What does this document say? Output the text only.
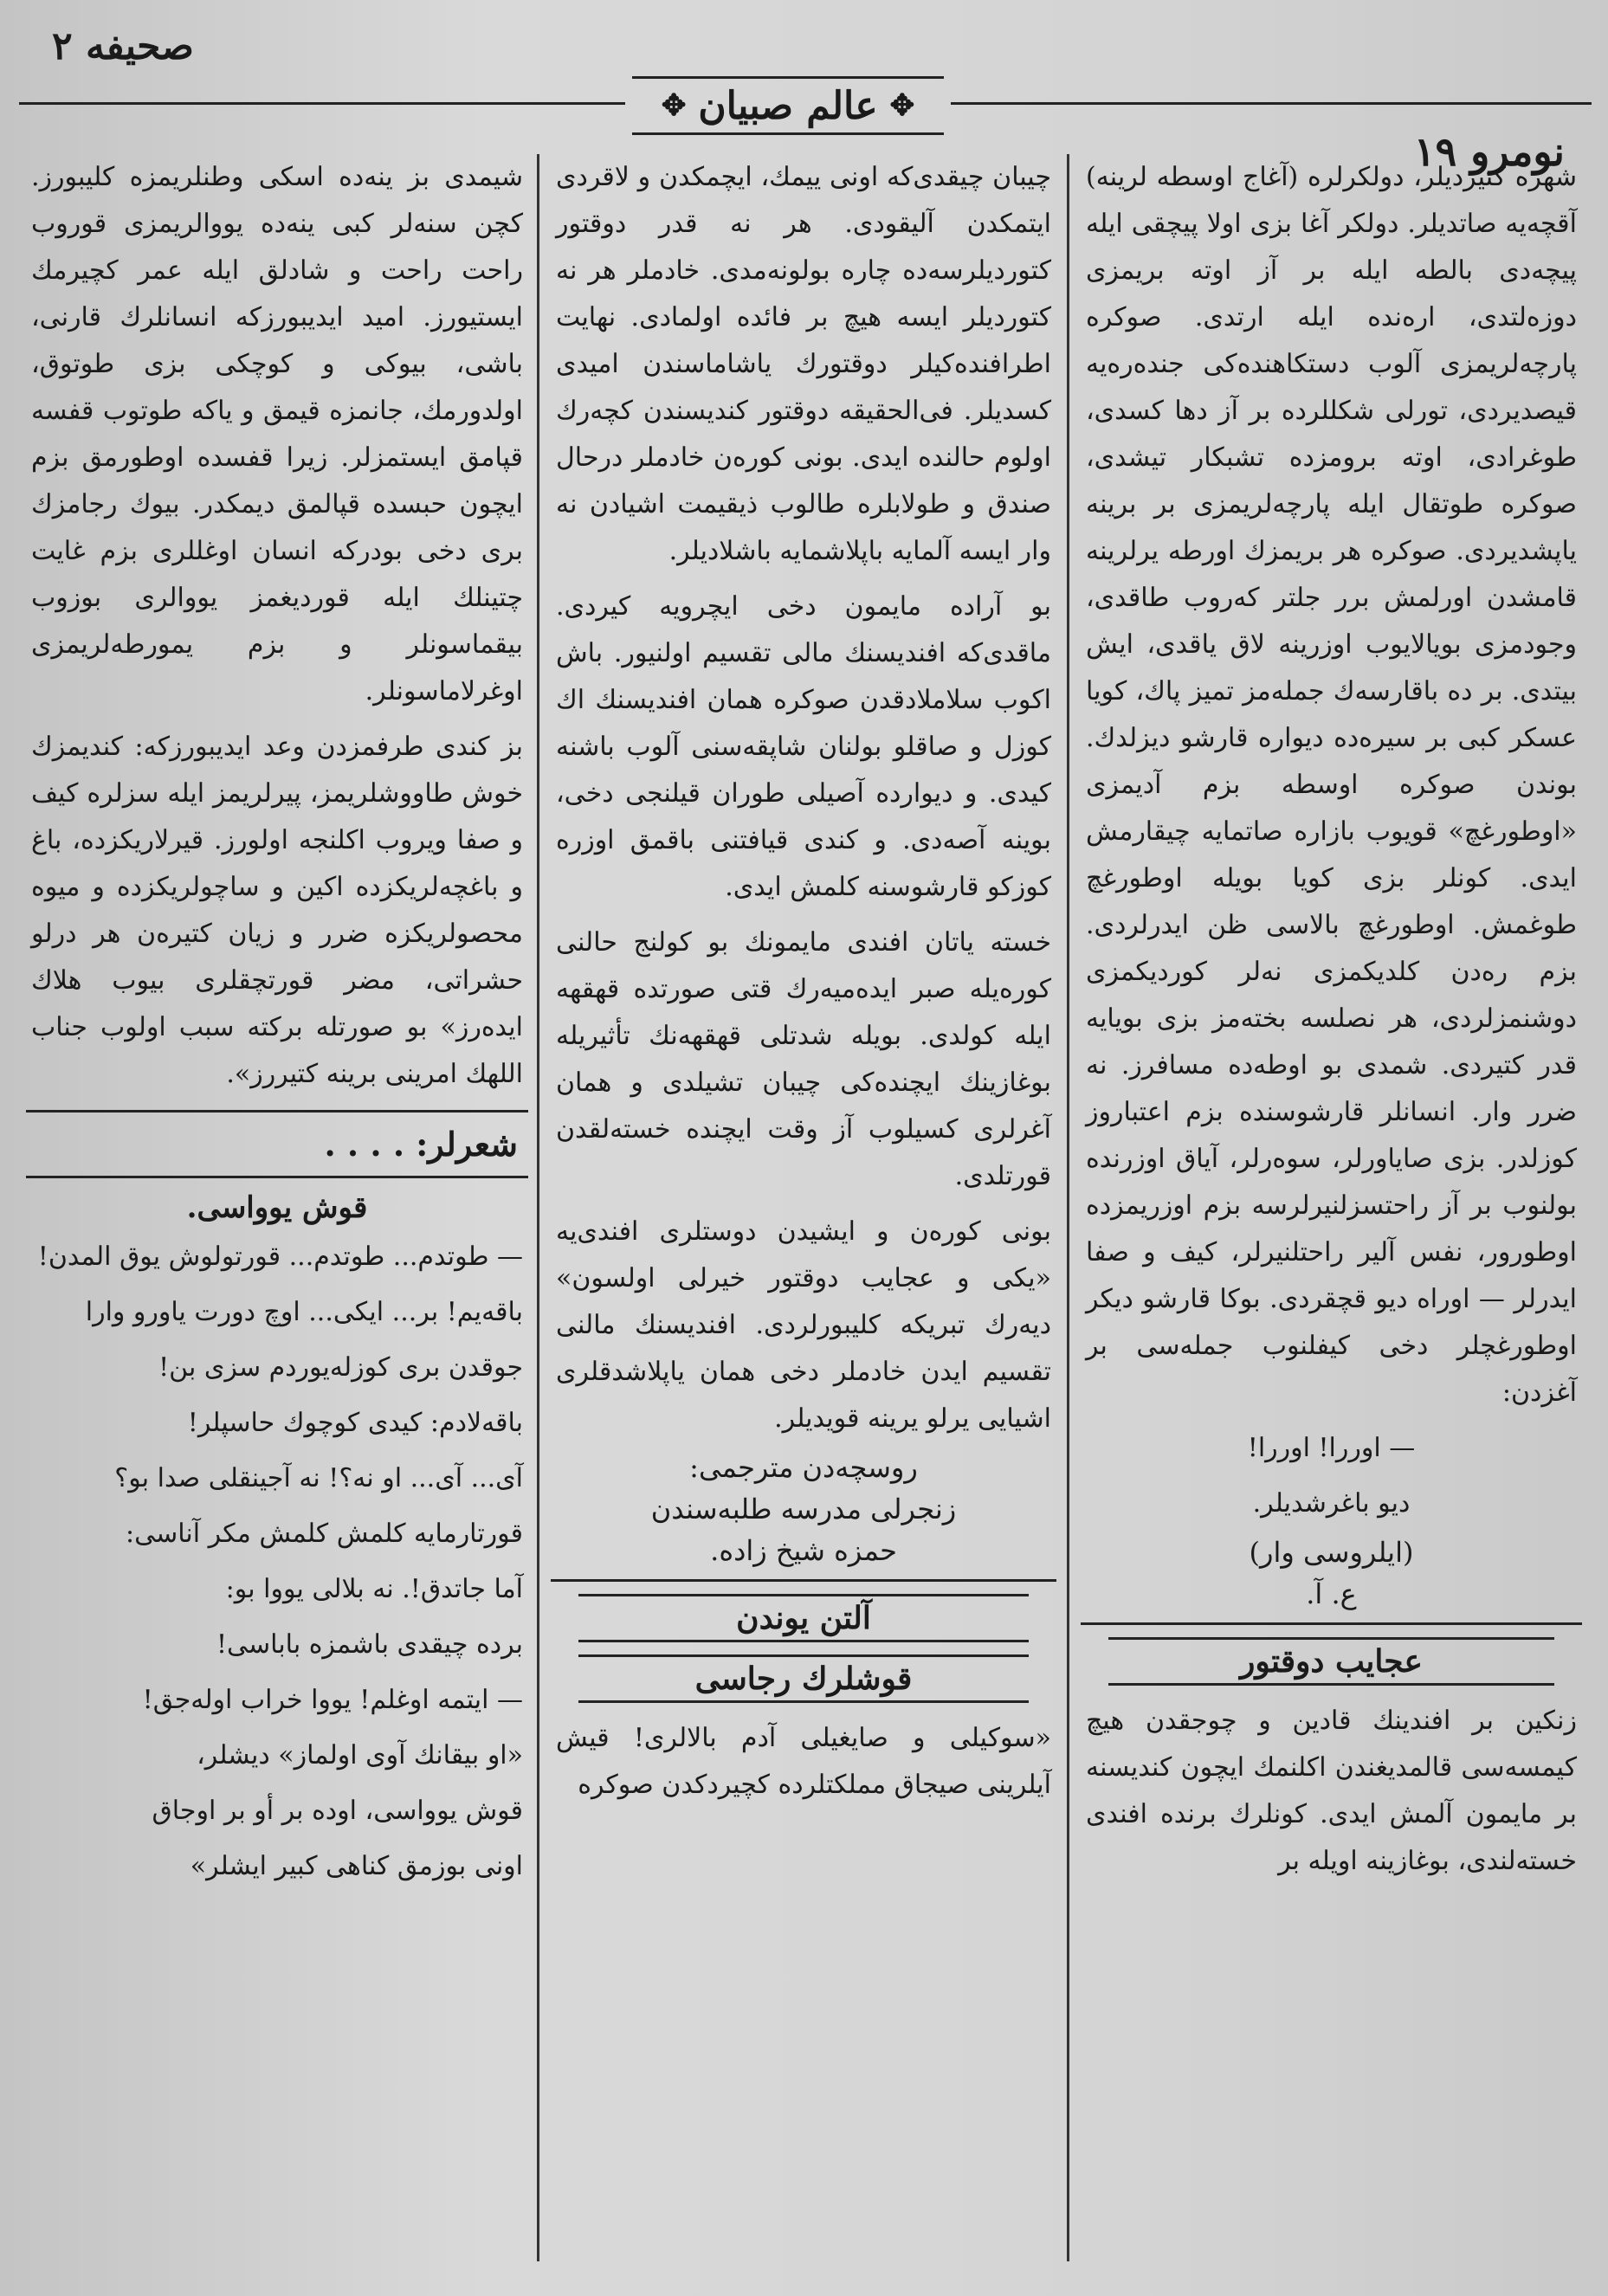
صحيفه ٢
✥ عالم صبیان ✥
نومرو ١٩

شهره کتیردیلر، دولکرلره (آغاج اوسطه لرینه) آقچه‌یه صاتدیلر. دولکر آغا بزی اولا پیچقی ایله پیچه‌دی بالطه ایله بر آز اوته بریمزی دوزه‌لتدی، اره‌نده ایله ارتدی. صوکره پارچه‌لریمزی آلوب دستکاهنده‌کی جنده‌ره‌یه قیصدیردی، تورلی شکللرده بر آز دها کسدی، طوغرادی، اوته برومزده تشبکار تیشدی، صوکره طوتقال ایله پارچه‌لریمزی بر برینه یاپشدیردی. صوکره هر بریمزك اورطه یرلرینه قامشدن اورلمش برر جلتر که‌روب طاقدی، وجودمزی بویالایوب اوزرینه لاق یاقدی، ایش بیتدی. بر ده باقارسه‌ك جمله‌مز تمیز پاك، کویا عسکر کبی بر سیره‌ده دیواره قارشو دیزلدك. بوندن صوکره اوسطه بزم آدیمزی «اوطورغچ» قویوب بازاره صاتمایه چیقارمش ایدی. کونلر بزی کویا بویله اوطورغچ طوغمش. اوطورغچ بالاسی ظن ایدرلردی. بزم ره‌دن کلدیکمزی نه‌لر کوردیکمزی دوشنمزلردی، هر نصلسه بخته‌مز بزی بویایه قدر کتیردی. شمدی بو اوطه‌ده مسافرز. نه ضرر وار. انسانلر قارشوسنده بزم اعتباروز کوزلدر. بزی صایاورلر، سوه‌رلر، آیاق اوزرنده بولنوب بر آز راحتسزلنیرلرسه بزم اوزریمزده اوطورور، نفس آلیر راحتلنیرلر، کیف و صفا ایدرلر — اوراه دیو قچقردی. بوکا قارشو دیکر اوطورغچلر دخی کیفلنوب جمله‌سی بر آغزدن:

— اوررا! اوررا!

دیو باغرشدیلر.

(ایلروسی وار)
ع. آ.
عجایب دوقتور

زنکین بر افندینك قادین و چوجقدن هیچ کیمسه‌سی قالمدیغندن اکلنمك ایچون کندیسنه بر مایمون آلمش ایدی. کونلرك برنده افندی خسته‌لندی، بوغازینه اویله بر

چیبان چیقدی‌که اونی ییمك، ایچمکدن و لاقردی ایتمکدن آلیقودی. هر نه قدر دوقتور کتوردیلرسه‌ده چاره بولونه‌مدی. خادملر هر نه کتوردیلر ایسه هیچ بر فائده اولمادی. نهایت اطرافنده‌کیلر دوقتورك یاشاماسندن امیدی کسدیلر. فی‌الحقیقه دوقتور کندیسندن کچه‌رك اولوم حالنده ایدی. بونی کوره‌ن خادملر درحال صندق و طولابلره طالوب ذیقیمت اشیادن نه وار ایسه آلمایه باپلاشمایه باشلادیلر.

بو آراده مایمون دخی ایچرویه کیردی. ماقدی‌که افندیسنك مالی تقسیم اولنیور. باش اکوب سلاملادقدن صوکره همان افندیسنك اك کوزل و صاقلو بولنان شاپقه‌سنی آلوب باشنه کیدی. و دیوارده آصیلی طوران قیلنجی دخی، بوینه آصه‌دی. و کندی قیافتنی باقمق اوزره کوزکو قارشوسنه کلمش ایدی.

خسته یاتان افندی مایمونك بو کولنج حالنی کوره‌یله صبر ایده‌میه‌رك قتی صورتده قهقهه ایله کولدی. بویله شدتلی قهقهه‌نك تأثیریله بوغازینك ایچنده‌کی چیبان تشیلدی و همان آغرلری کسیلوب آز وقت ایچنده خسته‌لقدن قورتلدی.

بونی کوره‌ن و ایشیدن دوستلری افندی‌یه «یکی و عجایب دوقتور خیرلی اولسون» دیه‌رك تبریکه کلیبورلردی. افندیسنك مالنی تقسیم ایدن خادملر دخی همان یاپلاشدقلری اشیایی یرلو یرینه قویدیلر.

روسچه‌دن مترجمی:
زنجرلی مدرسه طلبه‌سندن
حمزه شیخ زاده.
آلتن یوندن
قوشلرك رجاسی

«سوکیلی و صایغیلی آدم بالالری! قیش آیلرینی صیجاق مملکتلرده کچیردکدن صوکره

شیمدی بز ینه‌ده اسکی وطنلریمزه کلیبورز. کچن سنه‌لر کبی ینه‌ده یووالریمزی قوروب راحت راحت و شادلق ایله عمر کچیرمك ایستیورز. امید ایدیبورزکه انسانلرك قارنی، باشی، بیوکی و کوچکی بزی طوتوق، اولدورمك، جانمزه قیمق و یاکه طوتوب قفسه قپامق ایستمزلر. زیرا قفسده اوطورمق بزم ایچون حبسده قپالمق دیمکدر. بیوك رجامزك بری دخی بودرکه انسان اوغللری بزم غایت چتینلك ایله قوردیغمز یووالری بوزوب بیقماسونلر و بزم یمورطه‌لریمزی اوغرلاماسونلر.

بز کندی طرفمزدن وعد ایدیبورزکه: کندیمزك خوش طاووشلریمز، پیرلریمز ایله سزلره کیف و صفا ویروب اکلنجه اولورز. قیرلاریکزده، باغ و باغچه‌لریکزده اکین و ساچولریکزده و میوه محصولریکزه ضرر و زیان کتیره‌ن هر درلو حشراتی، مضر قورتچقلری بیوب هلاك ایده‌رز» بو صورتله برکته سبب اولوب جناب اللهك امرینی برینه کتیررز».

شعرلر: . . . .
قوش یوواسی.

— طوتدم... طوتدم... قورتولوش یوق المدن!

باقه‌یم! بر... ایکی... اوچ دورت یاورو وارا

جوقدن بری کوزله‌یوردم سزی بن!

باقه‌لادم: کیدی کوچوك حاسپلر!

آی... آی... او نه؟! نه آجینقلی صدا بو؟

قورتارمایه کلمش کلمش مکر آناسی:

آما جاتدق!. نه بلالی یووا بو:

برده چیقدی باشمزه باباسی!

— ایتمه اوغلم! یووا خراب اوله‌جق!

«او بیقانك آوی اولماز» دیشلر،

قوش یوواسی، اوده بر أو بر اوجاق

اونی بوزمق کناهی کبیر ایشلر»
